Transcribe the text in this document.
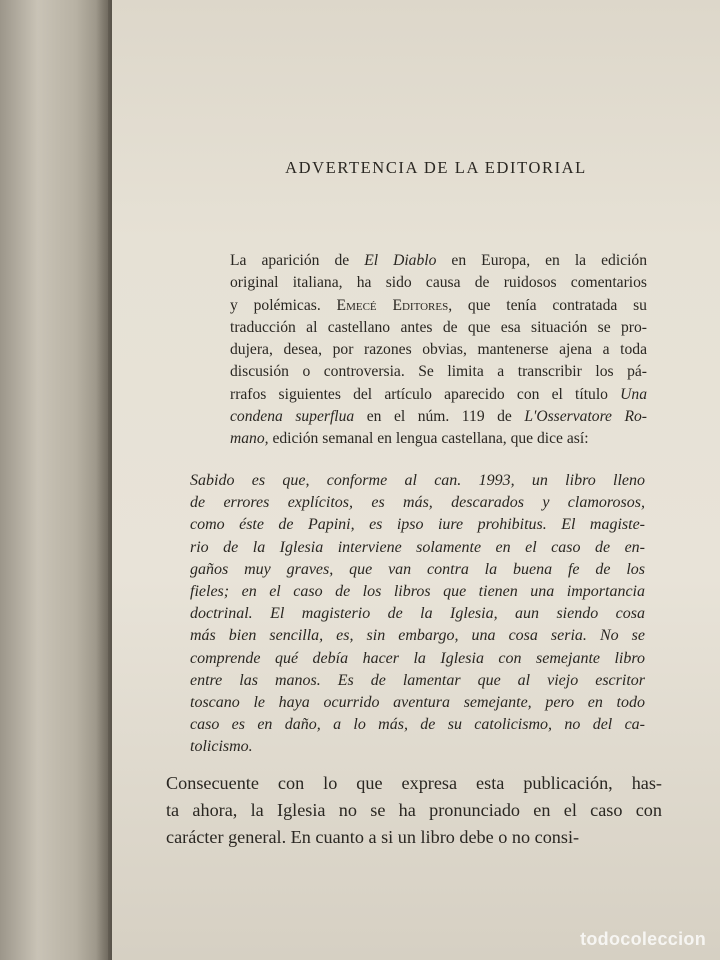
ADVERTENCIA DE LA EDITORIAL
La aparición de El Diablo en Europa, en la edición
original italiana, ha sido causa de ruidosos comentarios
y polémicas. Emecé Editores, que tenía contratada su
traducción al castellano antes de que esa situación se pro-
dujera, desea, por razones obvias, mantenerse ajena a toda
discusión o controversia. Se limita a transcribir los pá-
rrafos siguientes del artículo aparecido con el título Una
condena superflua en el núm. 119 de L'Osservatore Ro-
mano, edición semanal en lengua castellana, que dice así:
Sabido es que, conforme al can. 1993, un libro lleno
de errores explícitos, es más, descarados y clamorosos,
como éste de Papini, es ipso iure prohibitus. El magiste-
rio de la Iglesia interviene solamente en el caso de en-
gaños muy graves, que van contra la buena fe de los
fieles; en el caso de los libros que tienen una importancia
doctrinal. El magisterio de la Iglesia, aun siendo cosa
más bien sencilla, es, sin embargo, una cosa seria. No se
comprende qué debía hacer la Iglesia con semejante libro
entre las manos. Es de lamentar que al viejo escritor
toscano le haya ocurrido aventura semejante, pero en todo
caso es en daño, a lo más, de su catolicismo, no del ca-
tolicismo.
Consecuente con lo que expresa esta publicación, has-
ta ahora, la Iglesia no se ha pronunciado en el caso con
carácter general. En cuanto a si un libro debe o no consi-
todocoleccion
